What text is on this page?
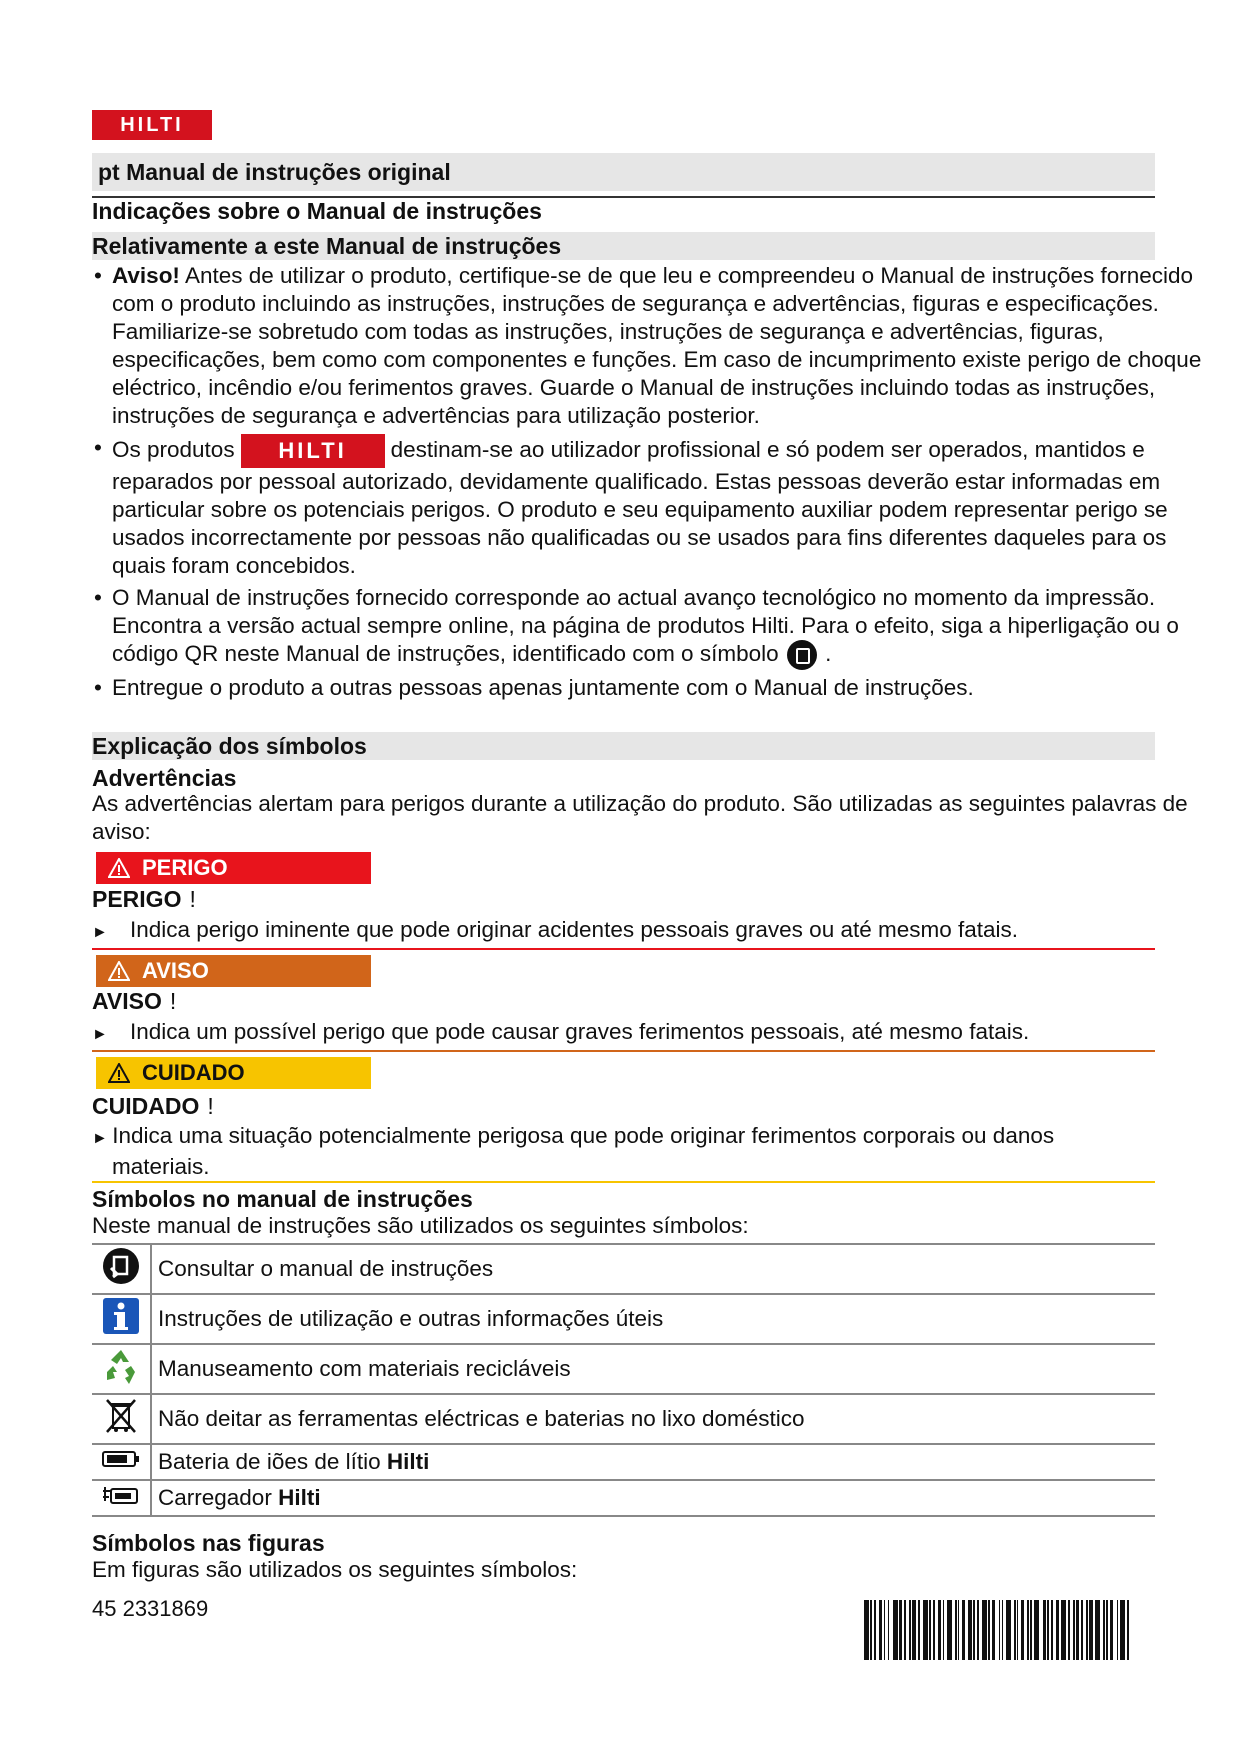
HILTI
pt Manual de instruções original
Indicações sobre o Manual de instruções
Relativamente a este Manual de instruções
• Aviso! Antes de utilizar o produto, certifique-se de que leu e compreendeu o Manual de instruções fornecido com o produto incluindo as instruções, instruções de segurança e advertências, figuras e especificações. Familiarize-se sobretudo com todas as instruções, instruções de segurança e advertências, figuras, especificações, bem como com componentes e funções. Em caso de incumprimento existe perigo de choque eléctrico, incêndio e/ou ferimentos graves. Guarde o Manual de instruções incluindo todas as instruções, instruções de segurança e advertências para utilização posterior.
• Os produtos HILTI destinam-se ao utilizador profissional e só podem ser operados, mantidos e reparados por pessoal autorizado, devidamente qualificado. Estas pessoas deverão estar informadas em particular sobre os potenciais perigos. O produto e seu equipamento auxiliar podem representar perigo se usados incorrectamente por pessoas não qualificadas ou se usados para fins diferentes daqueles para os quais foram concebidos.
• O Manual de instruções fornecido corresponde ao actual avanço tecnológico no momento da impressão. Encontra a versão actual sempre online, na página de produtos Hilti. Para o efeito, siga a hiperligação ou o código QR neste Manual de instruções, identificado com o símbolo .
• Entregue o produto a outras pessoas apenas juntamente com o Manual de instruções.
Explicação dos símbolos
Advertências
As advertências alertam para perigos durante a utilização do produto. São utilizadas as seguintes palavras de aviso:
PERIGO
PERIGO !
► Indica perigo iminente que pode originar acidentes pessoais graves ou até mesmo fatais.
AVISO
AVISO !
► Indica um possível perigo que pode causar graves ferimentos pessoais, até mesmo fatais.
CUIDADO
CUIDADO !
► Indica uma situação potencialmente perigosa que pode originar ferimentos corporais ou danos materiais.
Símbolos no manual de instruções
Neste manual de instruções são utilizados os seguintes símbolos:
	Consultar o manual de instruções
	Instruções de utilização e outras informações úteis
	Manuseamento com materiais recicláveis
	Não deitar as ferramentas eléctricas e baterias no lixo doméstico
	Bateria de iões de lítio Hilti
	Carregador Hilti
Símbolos nas figuras
Em figuras são utilizados os seguintes símbolos:
45 2331869
